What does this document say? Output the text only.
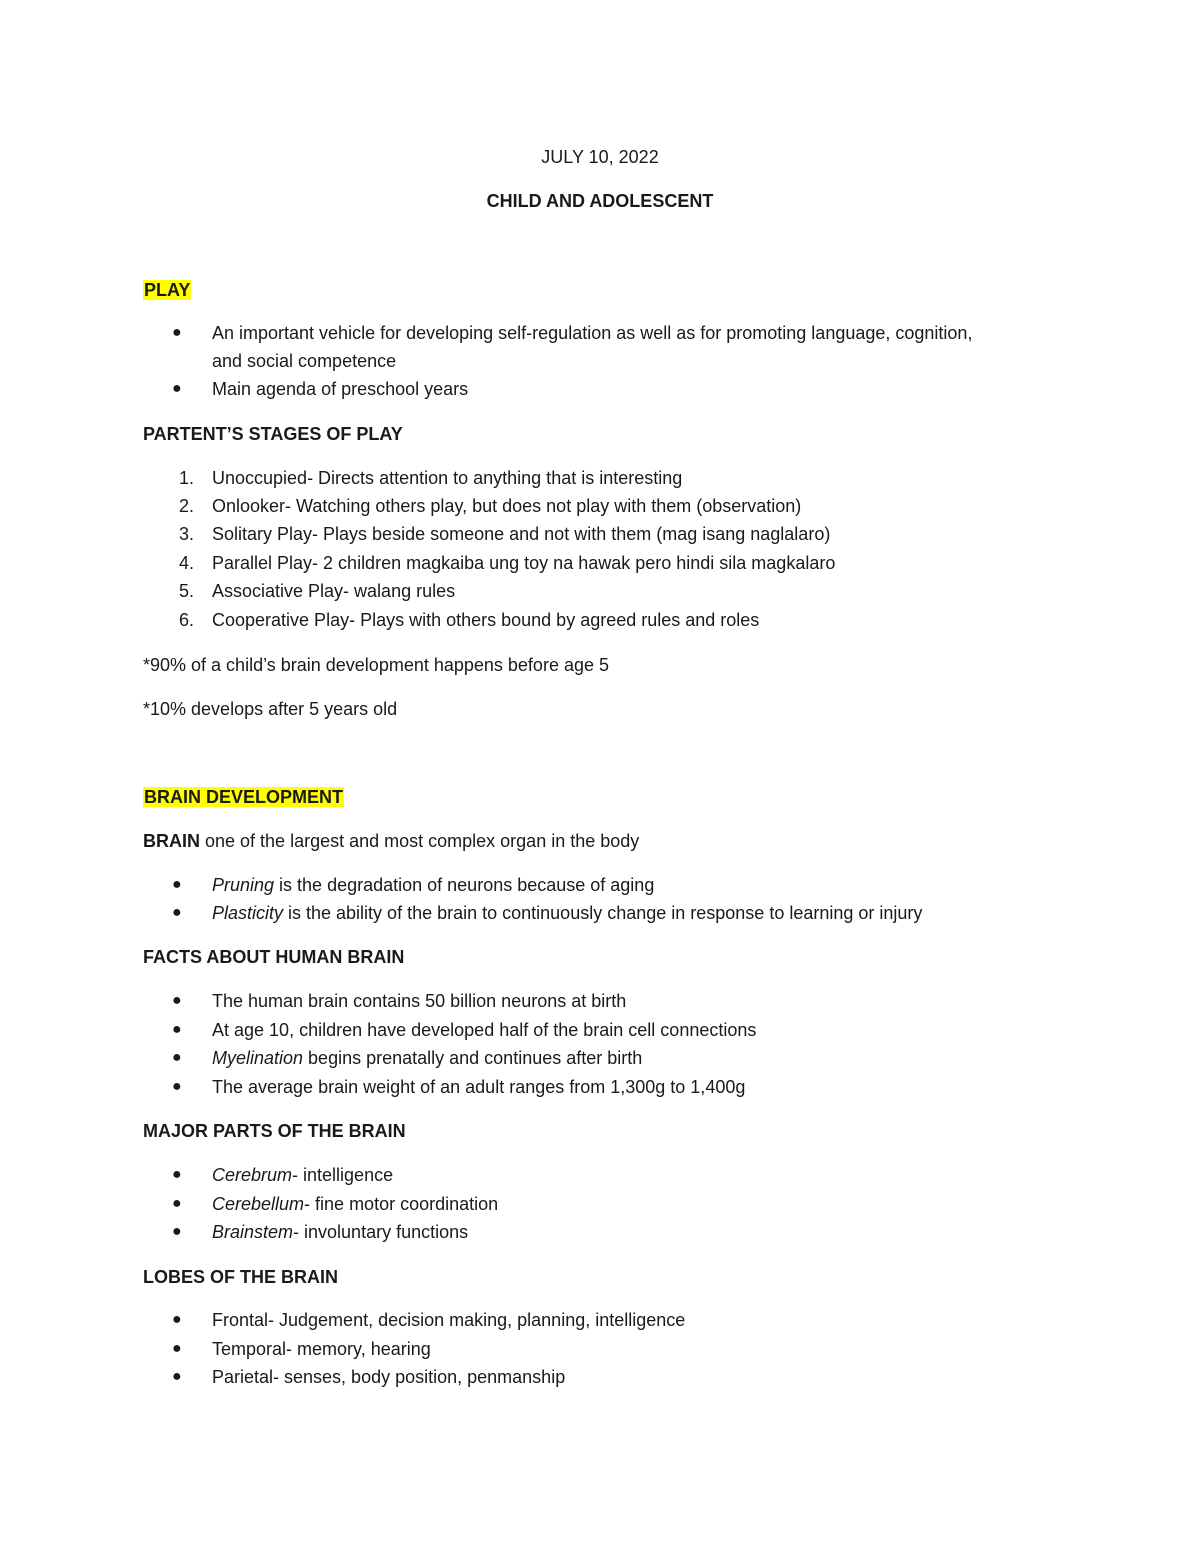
JULY 10, 2022
CHILD AND ADOLESCENT
PLAY
● An important vehicle for developing self-regulation as well as for promoting language, cognition,
and social competence
● Main agenda of preschool years
PARTENT’S STAGES OF PLAY
1. Unoccupied- Directs attention to anything that is interesting
2. Onlooker- Watching others play, but does not play with them (observation)
3. Solitary Play- Plays beside someone and not with them (mag isang naglalaro)
4. Parallel Play- 2 children magkaiba ung toy na hawak pero hindi sila magkalaro
5. Associative Play- walang rules
6. Cooperative Play- Plays with others bound by agreed rules and roles
*90% of a child’s brain development happens before age 5
*10% develops after 5 years old
BRAIN DEVELOPMENT
BRAIN one of the largest and most complex organ in the body
● Pruning is the degradation of neurons because of aging
● Plasticity is the ability of the brain to continuously change in response to learning or injury
FACTS ABOUT HUMAN BRAIN
● The human brain contains 50 billion neurons at birth
● At age 10, children have developed half of the brain cell connections
● Myelination begins prenatally and continues after birth
● The average brain weight of an adult ranges from 1,300g to 1,400g
MAJOR PARTS OF THE BRAIN
● Cerebrum- intelligence
● Cerebellum- fine motor coordination
● Brainstem- involuntary functions
LOBES OF THE BRAIN
● Frontal- Judgement, decision making, planning, intelligence
● Temporal- memory, hearing
● Parietal- senses, body position, penmanship
